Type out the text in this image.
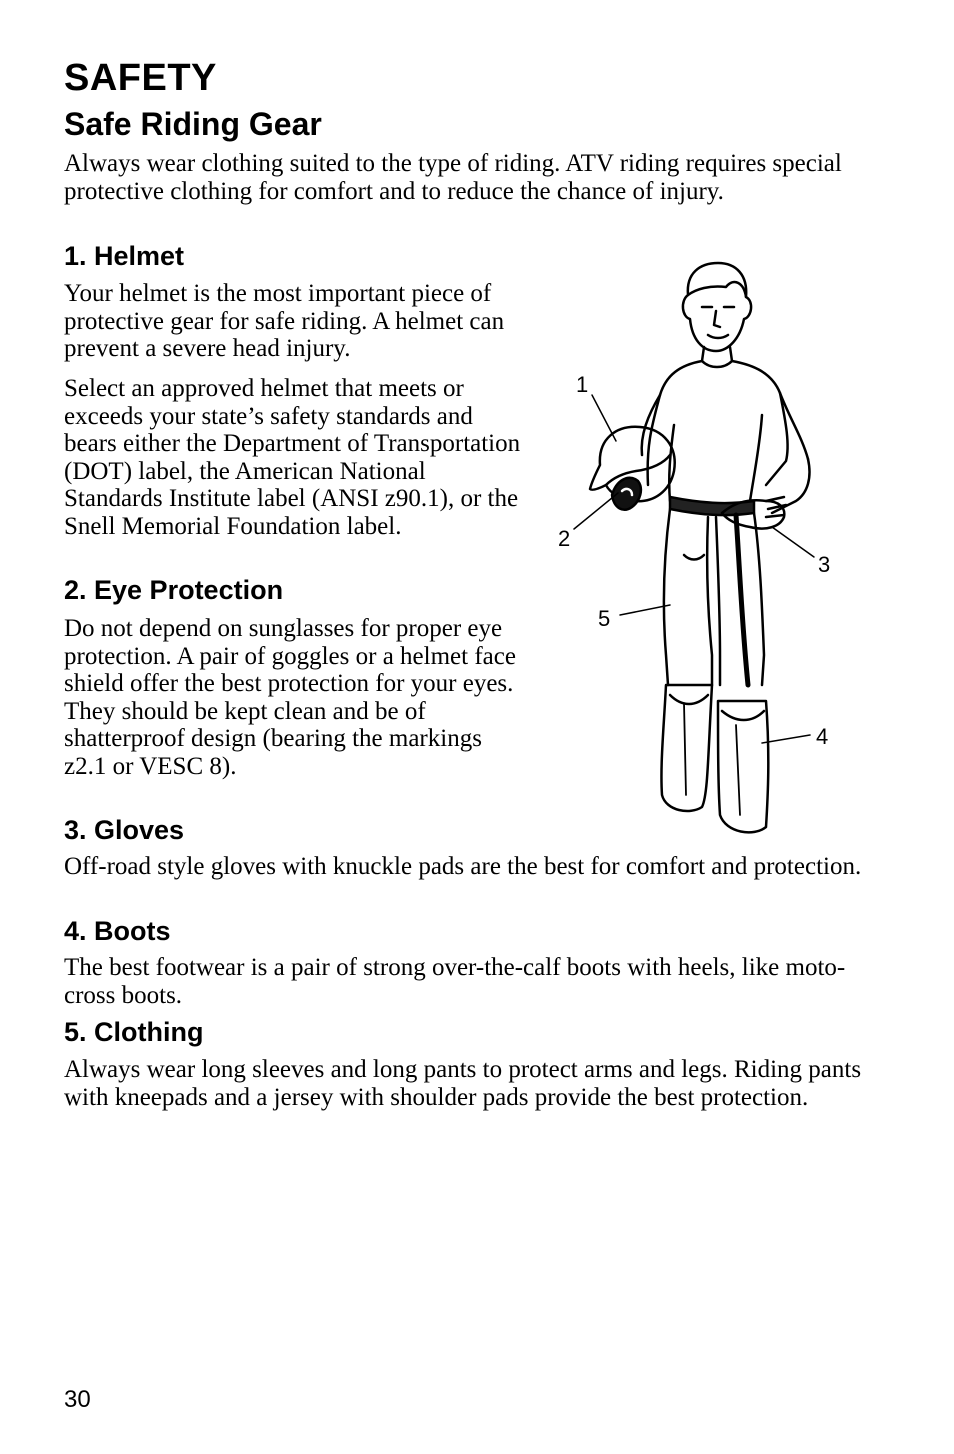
SAFETY
Safe Riding Gear

Always wear clothing suited to the type of riding. ATV riding requires special protective clothing for comfort and to reduce the chance of injury.

1. Helmet

Your helmet is the most important piece of protective gear for safe riding. A helmet can prevent a severe head injury.

Select an approved helmet that meets or exceeds your state’s safety standards and bears either the Department of Transportation (DOT) label, the American National Standards Institute label (ANSI z90.1), or the Snell Memorial Foundation label.

2. Eye Protection

Do not depend on sunglasses for proper eye protection. A pair of goggles or a helmet face shield offer the best protection for your eyes. They should be kept clean and be of shatterproof design (bearing the markings z2.1 or VESC 8).

3. Gloves

Off-road style gloves with knuckle pads are the best for comfort and protection.

4. Boots

The best footwear is a pair of strong over-the-calf boots with heels, like moto-cross boots.

5. Clothing

Always wear long sleeves and long pants to protect arms and legs. Riding pants with kneepads and a jersey with shoulder pads provide the best protection.

1
2
3
5
4
30
